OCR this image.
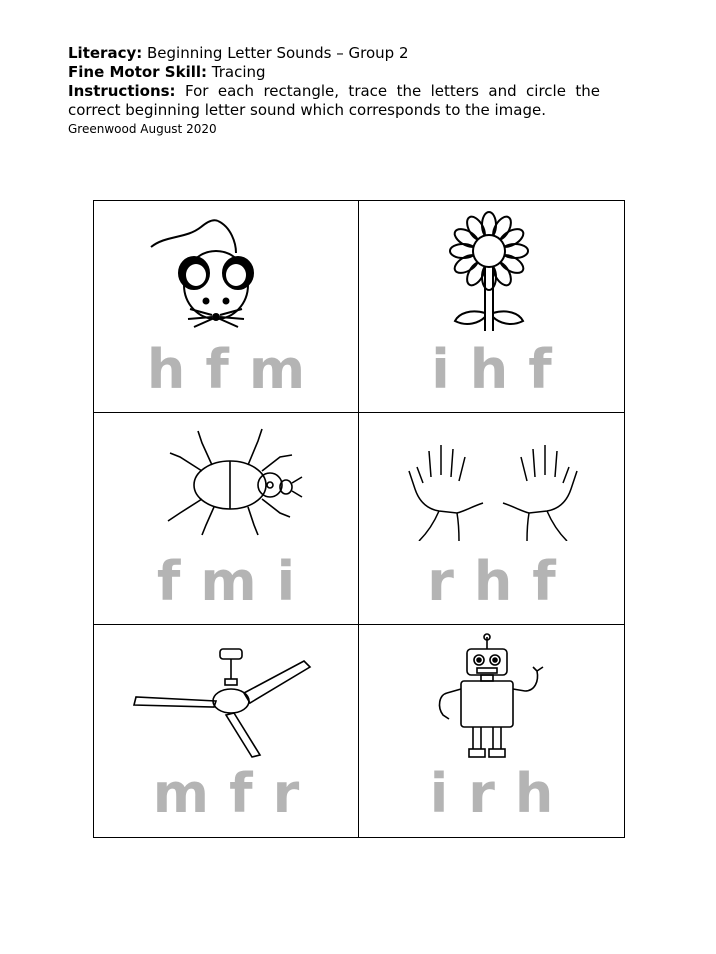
Literacy: Beginning Letter Sounds – Group 2
Fine Motor Skill: Tracing
Instructions: For each rectangle, trace the letters and circle the correct beginning letter sound which corresponds to the image.
Greenwood August 2020
h f m i h f
f m i r h f
m f r i r h
